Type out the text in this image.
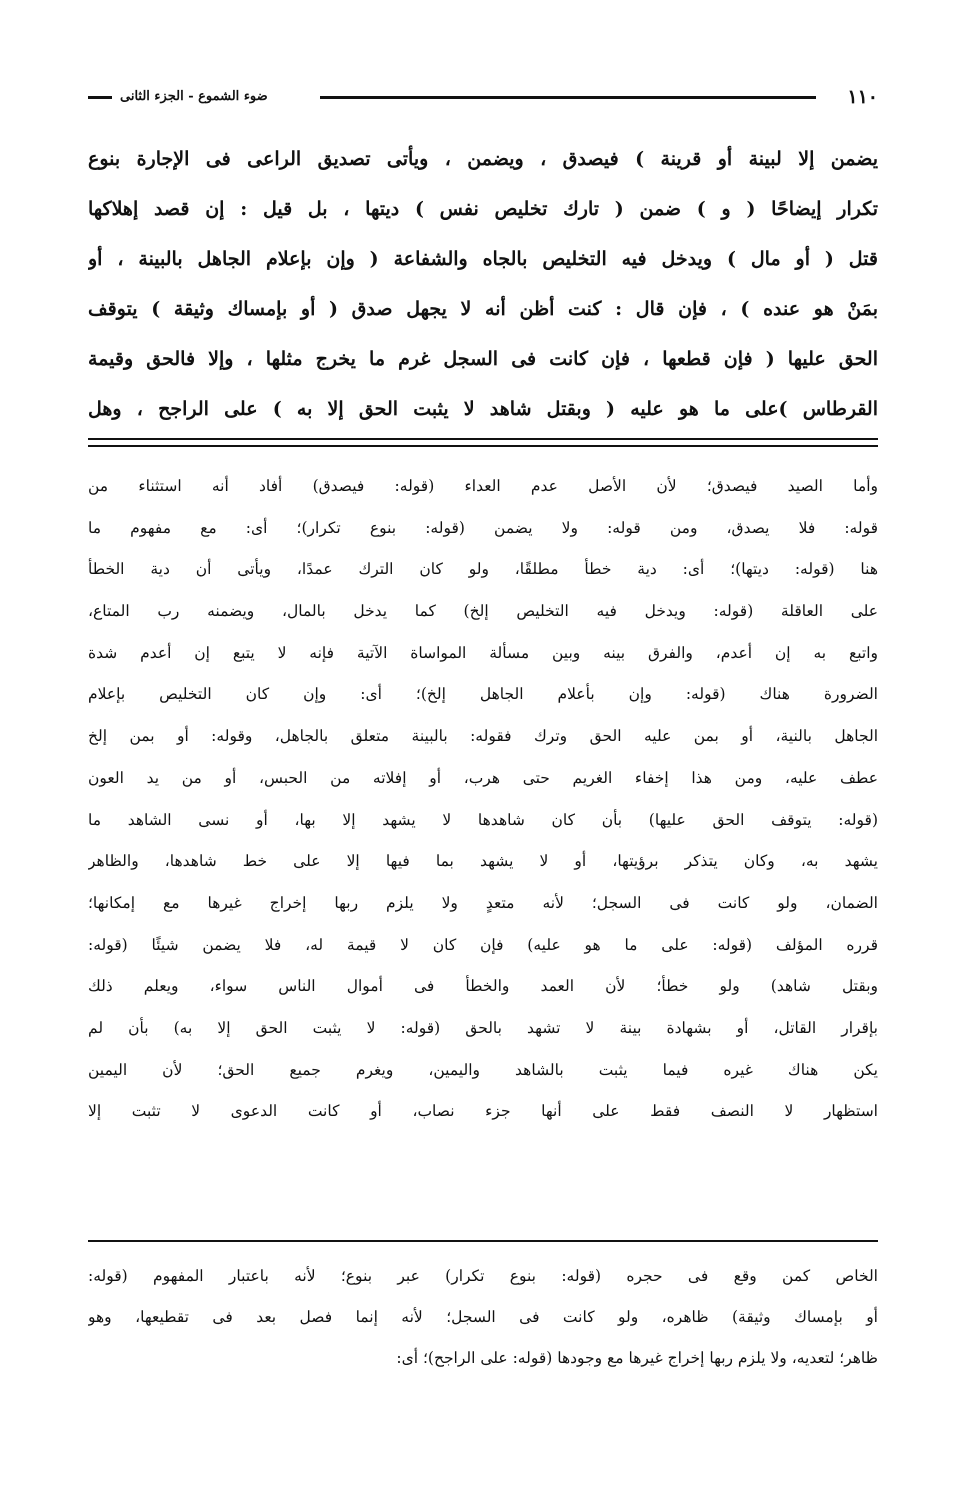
١١٠
ضوء الشموع - الجزء الثانى
يضمن إلا لبينة أو قرينة ) فيصدق ، ويضمن ، ويأتى تصديق الراعى فى الإجارة بنوع
تكرار إيضاحًا ( و ) ضمن ( تارك تخليص نفس ) ديتها ، بل قيل : إن قصد إهلاكها
قتل ( أو مال ) ويدخل فيه التخليص بالجاه والشفاعة ( وإن بإعلام الجاهل بالبينة ، أو
بمَنْ هو عنده ) ، فإن قال : كنت أظن أنه لا يجهل صدق ( أو بإمساك وثيقة ) يتوقف
الحق عليها ( فإن قطعها ، فإن كانت فى السجل غرم ما يخرج مثلها ، وإلا فالحق وقيمة
القرطاس )على ما هو عليه ( وبقتل شاهد لا يثبت الحق إلا به ) على الراجح ، وهل
وأما الصيد فيصدق؛ لأن الأصل عدم العداء (قوله: فيصدق) أفاد أنه استثناء من
قوله: فلا يصدق، ومن قوله: ولا يضمن (قوله: بنوع تكرار)؛ أى: مع مفهوم ما
هنا (قوله: ديتها)؛ أى: دية خطأ مطلقًا، ولو كان الترك عمدًا، ويأتى أن دية الخطأ
على العاقلة (قوله: ويدخل فيه التخليص إلخ) كما يدخل بالمال، ويضمنه رب المتاع،
واتبع به إن أعدم، والفرق بينه وبين مسألة المواساة الآتية فإنه لا يتبع إن أعدم شدة
الضرورة هناك (قوله: وإن بأعلام الجاهل إلخ)؛ أى: وإن كان التخليص بإعلام
الجاهل بالنية، أو بمن عليه الحق وترك فقوله: بالبينة متعلق بالجاهل، وقوله: أو بمن إلخ
عطف عليه، ومن هذا إخفاء الغريم حتى هرب، أو إفلاته من الحبس، أو من يد العون
(قوله: يتوقف الحق عليها) بأن كان شاهدها لا يشهد إلا بها، أو نسى الشاهد ما
يشهد به، وكان يتذكر برؤيتها، أو لا يشهد بما فيها إلا على خط شاهدها، والظاهر
الضمان، ولو كانت فى السجل؛ لأنه متعدٍ ولا يلزم ربها إخراج غيرها مع إمكانها؛
قرره المؤلف (قوله: على ما هو عليه) فإن كان لا قيمة له، فلا يضمن شيئًا (قوله:
وبقتل شاهد) ولو خطأ؛ لأن العمد والخطأ فى أموال الناس سواء، ويعلم ذلك
بإقرار القاتل، أو بشهادة بينة لا تشهد بالحق (قوله: لا يثبت الحق إلا به) بأن لم
يكن هناك غيره فيما يثبت بالشاهد واليمين، ويغرم جميع الحق؛ لأن اليمين
استظهار لا النصف فقط على أنها جزء نصاب، أو كانت الدعوى لا تثبت إلا
الخاص كمن وقع فى حجره (قوله: بنوع تكرار) عبر بنوع؛ لأنه باعتبار المفهوم (قوله:
أو بإمساك وثيقة) ظاهره، ولو كانت فى السجل؛ لأنه إنما فصل بعد فى تقطيعها، وهو
ظاهر؛ لتعديه، ولا يلزم ربها إخراج غيرها مع وجودها (قوله: على الراجح)؛ أى:
